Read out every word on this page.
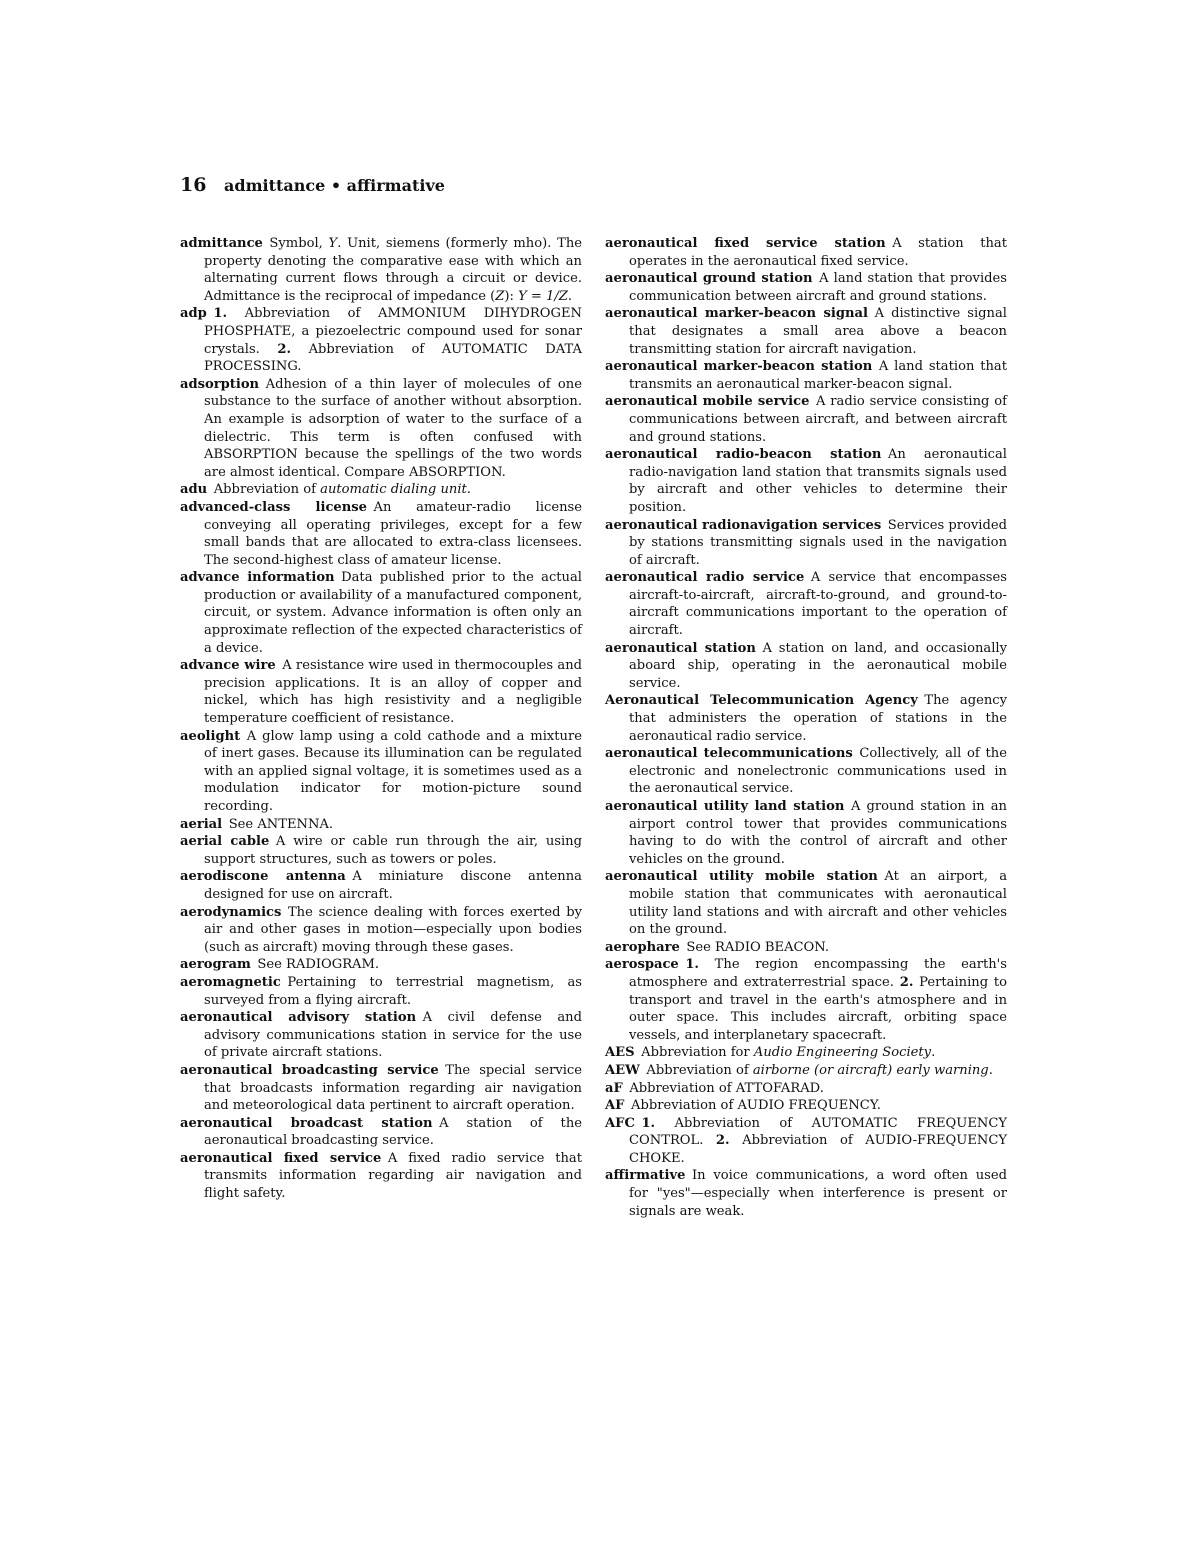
16 admittance • affirmative

admittance  Symbol, Y. Unit, siemens (formerly mho). The property denoting the comparative ease with which an alternating current flows through a circuit or device. Admittance is the reciprocal of impedance (Z): Y = 1/Z.

adp  1. Abbreviation of AMMONIUM DIHYDROGEN PHOSPHATE, a piezoelectric compound used for sonar crystals. 2. Abbreviation of AUTOMATIC DATA PROCESSING.

adsorption  Adhesion of a thin layer of molecules of one substance to the surface of another without absorption. An example is adsorption of water to the surface of a dielectric. This term is often confused with ABSORPTION because the spellings of the two words are almost identical. Compare ABSORPTION.

adu  Abbreviation of automatic dialing unit.

advanced-class license  An amateur-radio license conveying all operating privileges, except for a few small bands that are allocated to extra-class licensees. The second-highest class of amateur license.

advance information  Data published prior to the actual production or availability of a manufactured component, circuit, or system. Advance information is often only an approximate reflection of the expected characteristics of a device.

advance wire  A resistance wire used in thermocouples and precision applications. It is an alloy of copper and nickel, which has high resistivity and a negligible temperature coefficient of resistance.

aeolight  A glow lamp using a cold cathode and a mixture of inert gases. Because its illumination can be regulated with an applied signal voltage, it is sometimes used as a modulation indicator for motion-picture sound recording.

aerial  See ANTENNA.

aerial cable  A wire or cable run through the air, using support structures, such as towers or poles.

aerodiscone antenna  A miniature discone antenna designed for use on aircraft.

aerodynamics  The science dealing with forces exerted by air and other gases in motion—especially upon bodies (such as aircraft) moving through these gases.

aerogram  See RADIOGRAM.

aeromagnetic  Pertaining to terrestrial magnetism, as surveyed from a flying aircraft.

aeronautical advisory station  A civil defense and advisory communications station in service for the use of private aircraft stations.

aeronautical broadcasting service  The special service that broadcasts information regarding air navigation and meteorological data pertinent to aircraft operation.

aeronautical broadcast station  A station of the aeronautical broadcasting service.

aeronautical fixed service  A fixed radio service that transmits information regarding air navigation and flight safety.

aeronautical fixed service station  A station that operates in the aeronautical fixed service.

aeronautical ground station  A land station that provides communication between aircraft and ground stations.

aeronautical marker-beacon signal  A distinctive signal that designates a small area above a beacon transmitting station for aircraft navigation.

aeronautical marker-beacon station  A land station that transmits an aeronautical marker-beacon signal.

aeronautical mobile service  A radio service consisting of communications between aircraft, and between aircraft and ground stations.

aeronautical radio-beacon station  An aeronautical radio-navigation land station that transmits signals used by aircraft and other vehicles to determine their position.

aeronautical radionavigation services  Services provided by stations transmitting signals used in the navigation of aircraft.

aeronautical radio service  A service that encompasses aircraft-to-aircraft, aircraft-to-ground, and ground-to-aircraft communications important to the operation of aircraft.

aeronautical station  A station on land, and occasionally aboard ship, operating in the aeronautical mobile service.

Aeronautical Telecommunication Agency  The agency that administers the operation of stations in the aeronautical radio service.

aeronautical telecommunications  Collectively, all of the electronic and nonelectronic communications used in the aeronautical service.

aeronautical utility land station  A ground station in an airport control tower that provides communications having to do with the control of aircraft and other vehicles on the ground.

aeronautical utility mobile station  At an airport, a mobile station that communicates with aeronautical utility land stations and with aircraft and other vehicles on the ground.

aerophare  See RADIO BEACON.

aerospace  1. The region encompassing the earth's atmosphere and extraterrestrial space. 2. Pertaining to transport and travel in the earth's atmosphere and in outer space. This includes aircraft, orbiting space vessels, and interplanetary spacecraft.

AES  Abbreviation for Audio Engineering Society.

AEW  Abbreviation of airborne (or aircraft) early warning.

aF  Abbreviation of ATTOFARAD.

AF  Abbreviation of AUDIO FREQUENCY.

AFC  1. Abbreviation of AUTOMATIC FREQUENCY CONTROL. 2. Abbreviation of AUDIO-FREQUENCY CHOKE.

affirmative  In voice communications, a word often used for "yes"—especially when interference is present or signals are weak.
